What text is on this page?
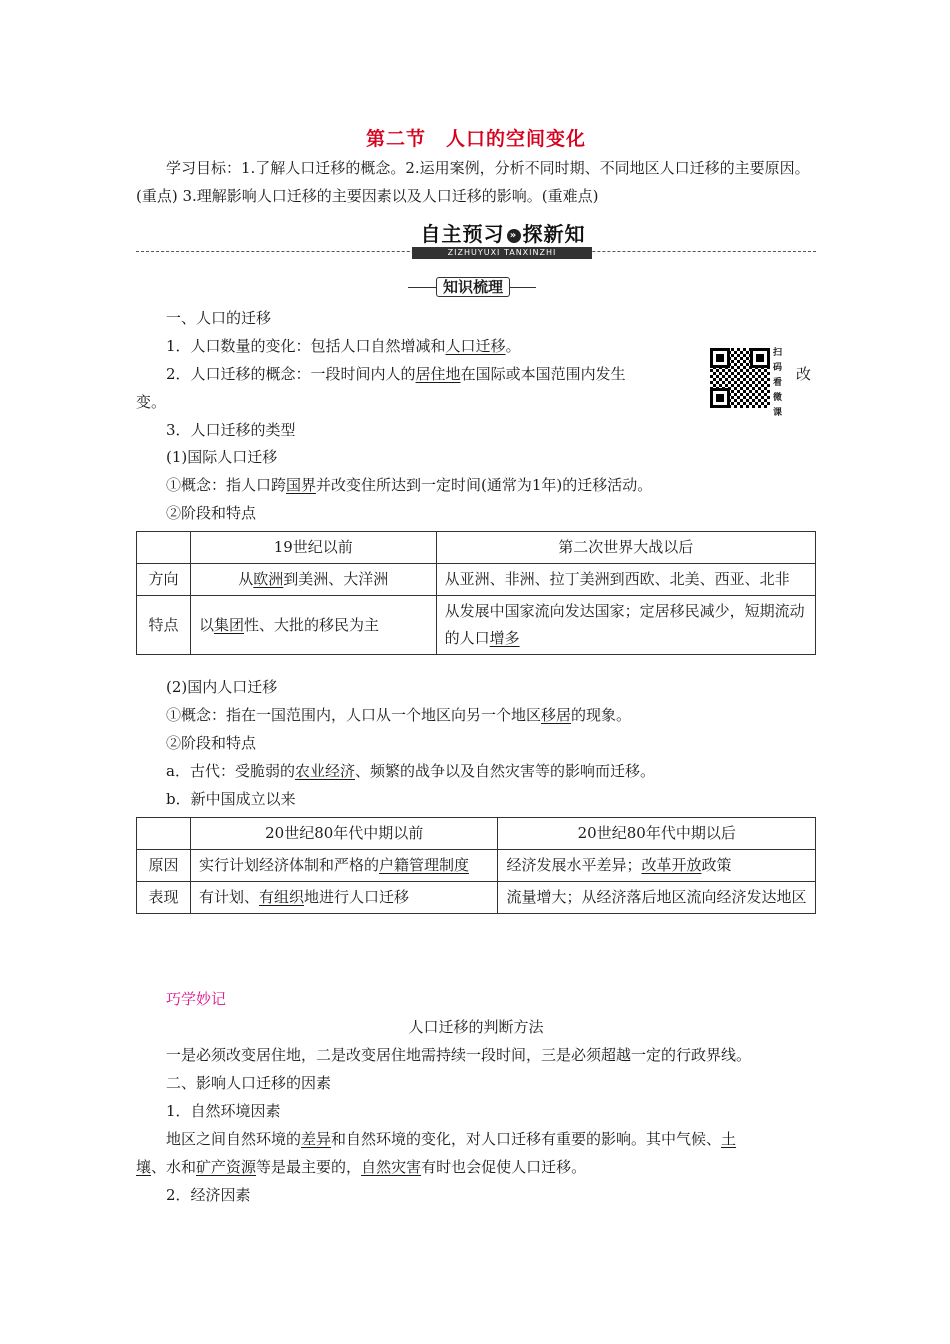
第二节　人口的空间变化
学习目标：1.了解人口迁移的概念。2.运用案例，分析不同时期、不同地区人口迁移的主要原因。(重点) 3.理解影响人口迁移的主要因素以及人口迁移的影响。(重难点)
自主预习 » 探新知
ZIZHUYUXI TANXINZHI
知识梳理
一、人口的迁移
1．人口数量的变化：包括人口自然增减和人口迁移。
2．人口迁移的概念：一段时间内人的居住地在国际或本国范围内发生	改
变。
扫
码
看
微
课
3．人口迁移的类型
(1)国际人口迁移
①概念：指人口跨国界并改变住所达到一定时间(通常为1年)的迁移活动。
②阶段和特点
	19世纪以前	第二次世界大战以后
方向	从欧洲到美洲、大洋洲	从亚洲、非洲、拉丁美洲到西欧、北美、西亚、北非
特点	以集团性、大批的移民为主	从发展中国家流向发达国家；定居移民减少，短期流动的人口增多
(2)国内人口迁移
①概念：指在一国范围内，人口从一个地区向另一个地区移居的现象。
②阶段和特点
a．古代：受脆弱的农业经济、频繁的战争以及自然灾害等的影响而迁移。
b．新中国成立以来
	20世纪80年代中期以前	20世纪80年代中期以后
原因	实行计划经济体制和严格的户籍管理制度	经济发展水平差异；改革开放政策
表现	有计划、有组织地进行人口迁移	流量增大；从经济落后地区流向经济发达地区
巧学妙记
人口迁移的判断方法
一是必须改变居住地，二是改变居住地需持续一段时间，三是必须超越一定的行政界线。
二、影响人口迁移的因素
1．自然环境因素
地区之间自然环境的差异和自然环境的变化，对人口迁移有重要的影响。其中气候、土
壤、水和矿产资源等是最主要的，自然灾害有时也会促使人口迁移。
2．经济因素
